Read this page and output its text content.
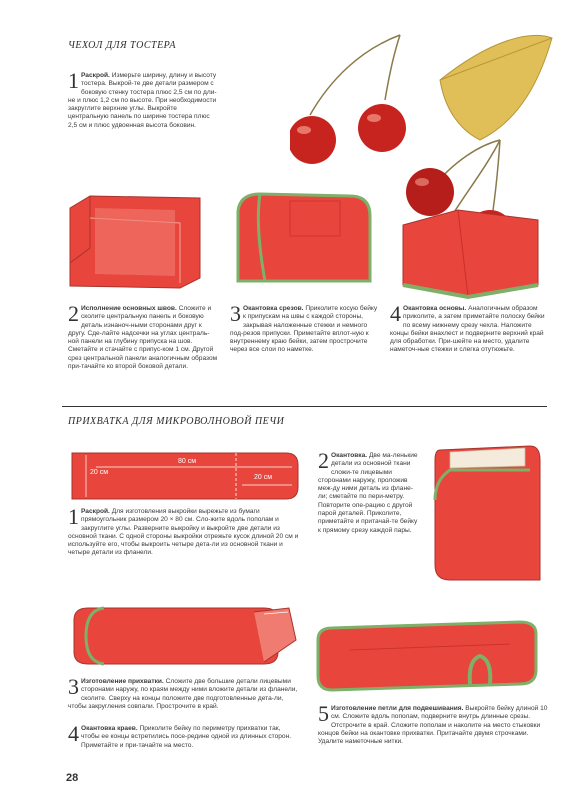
ЧЕХОЛ ДЛЯ ТОСТЕРА
1 Раскрой. Измерьте ширину, длину и высоту тостера. Выкрой-те две детали размером с боковую стенку тостера плюс 2,5 см по дли-не и плюс 1,2 см по высоте. При необходимости закруглите верхние углы. Выкройте центральную панель по ширине тостера плюс 2,5 см и плюс удвоенная высота боковин.
2 Исполнение основных швов. Сложите и сколите центральную панель и боковую деталь изнаноч-ными сторонами друг к другу. Сде-лайте надсечки на углах централь-ной панели на глубину припуска на шов. Сметайте и стачайте с припус-ком 1 см. Другой срез центральной панели аналогичным образом при-тачайте ко второй боковой детали.
3 Окантовка срезов. Приколите косую бейку к припускам на швы с каждой стороны, закрывая наложенные стежки и немного под-резов припуски. Приметайте вплот-ную к внутреннему краю бейки, затем прострочите через все слои по наметке.
4 Окантовка основы. Аналогичным образом приколите, а затем приметайте полоску бейки по всему нижнему срезу чехла. Наложите концы бейки внахлест и подверните верхний край для обработки. При-шейте на место, удалите наметоч-ные стежки и слегка отутюжьте.
ПРИХВАТКА ДЛЯ МИКРОВОЛНОВОЙ ПЕЧИ
80 см
20 см
20 см
1 Раскрой. Для изготовления выкройки вырежьте из бумаги прямоугольник размером 20 × 80 см. Сло-жите вдоль пополам и закруглите углы. Разверните выкройку и выкройте две детали из основной ткани. С одной стороны выкройки отрежьте кусок длиной 20 см и используйте его, чтобы выкроить четыре дета-ли из основной ткани и четыре детали из фланели.
2 Окантовка. Две ма-ленькие детали из основной ткани сложи-те лицевыми сторонами наружу, проложив меж-ду ними деталь из флане-ли; сметайте по пери-метру. Повторите опе-рацию с другой парой деталей. Приколите, приметайте и притачай-те бейку к прямому срезу каждой пары.
3 Изготовление прихватки. Сложите две большие детали лицевыми сторонами наружу, по краям между ними вложите детали из фланели, сколите. Сверху на концы положите две подготовленные дета-ли, чтобы закругления совпали. Прострочите в край.
4 Окантовка краев. Приколите бейку по периметру прихватки так, чтобы ее концы встретились посе-редине одной из длинных сторон. Приметайте и при-тачайте на место.
5 Изготовление петли для подвешивания. Выкройте бейку длиной 10 см. Сложите вдоль пополам, подверните внутрь длинные срезы. Отстрочите в край. Сложите пополам и наколите на место стыковки концов бейки на окантовке прихватки. Притачайте двумя строчками. Удалите наметочные нитки.
28
